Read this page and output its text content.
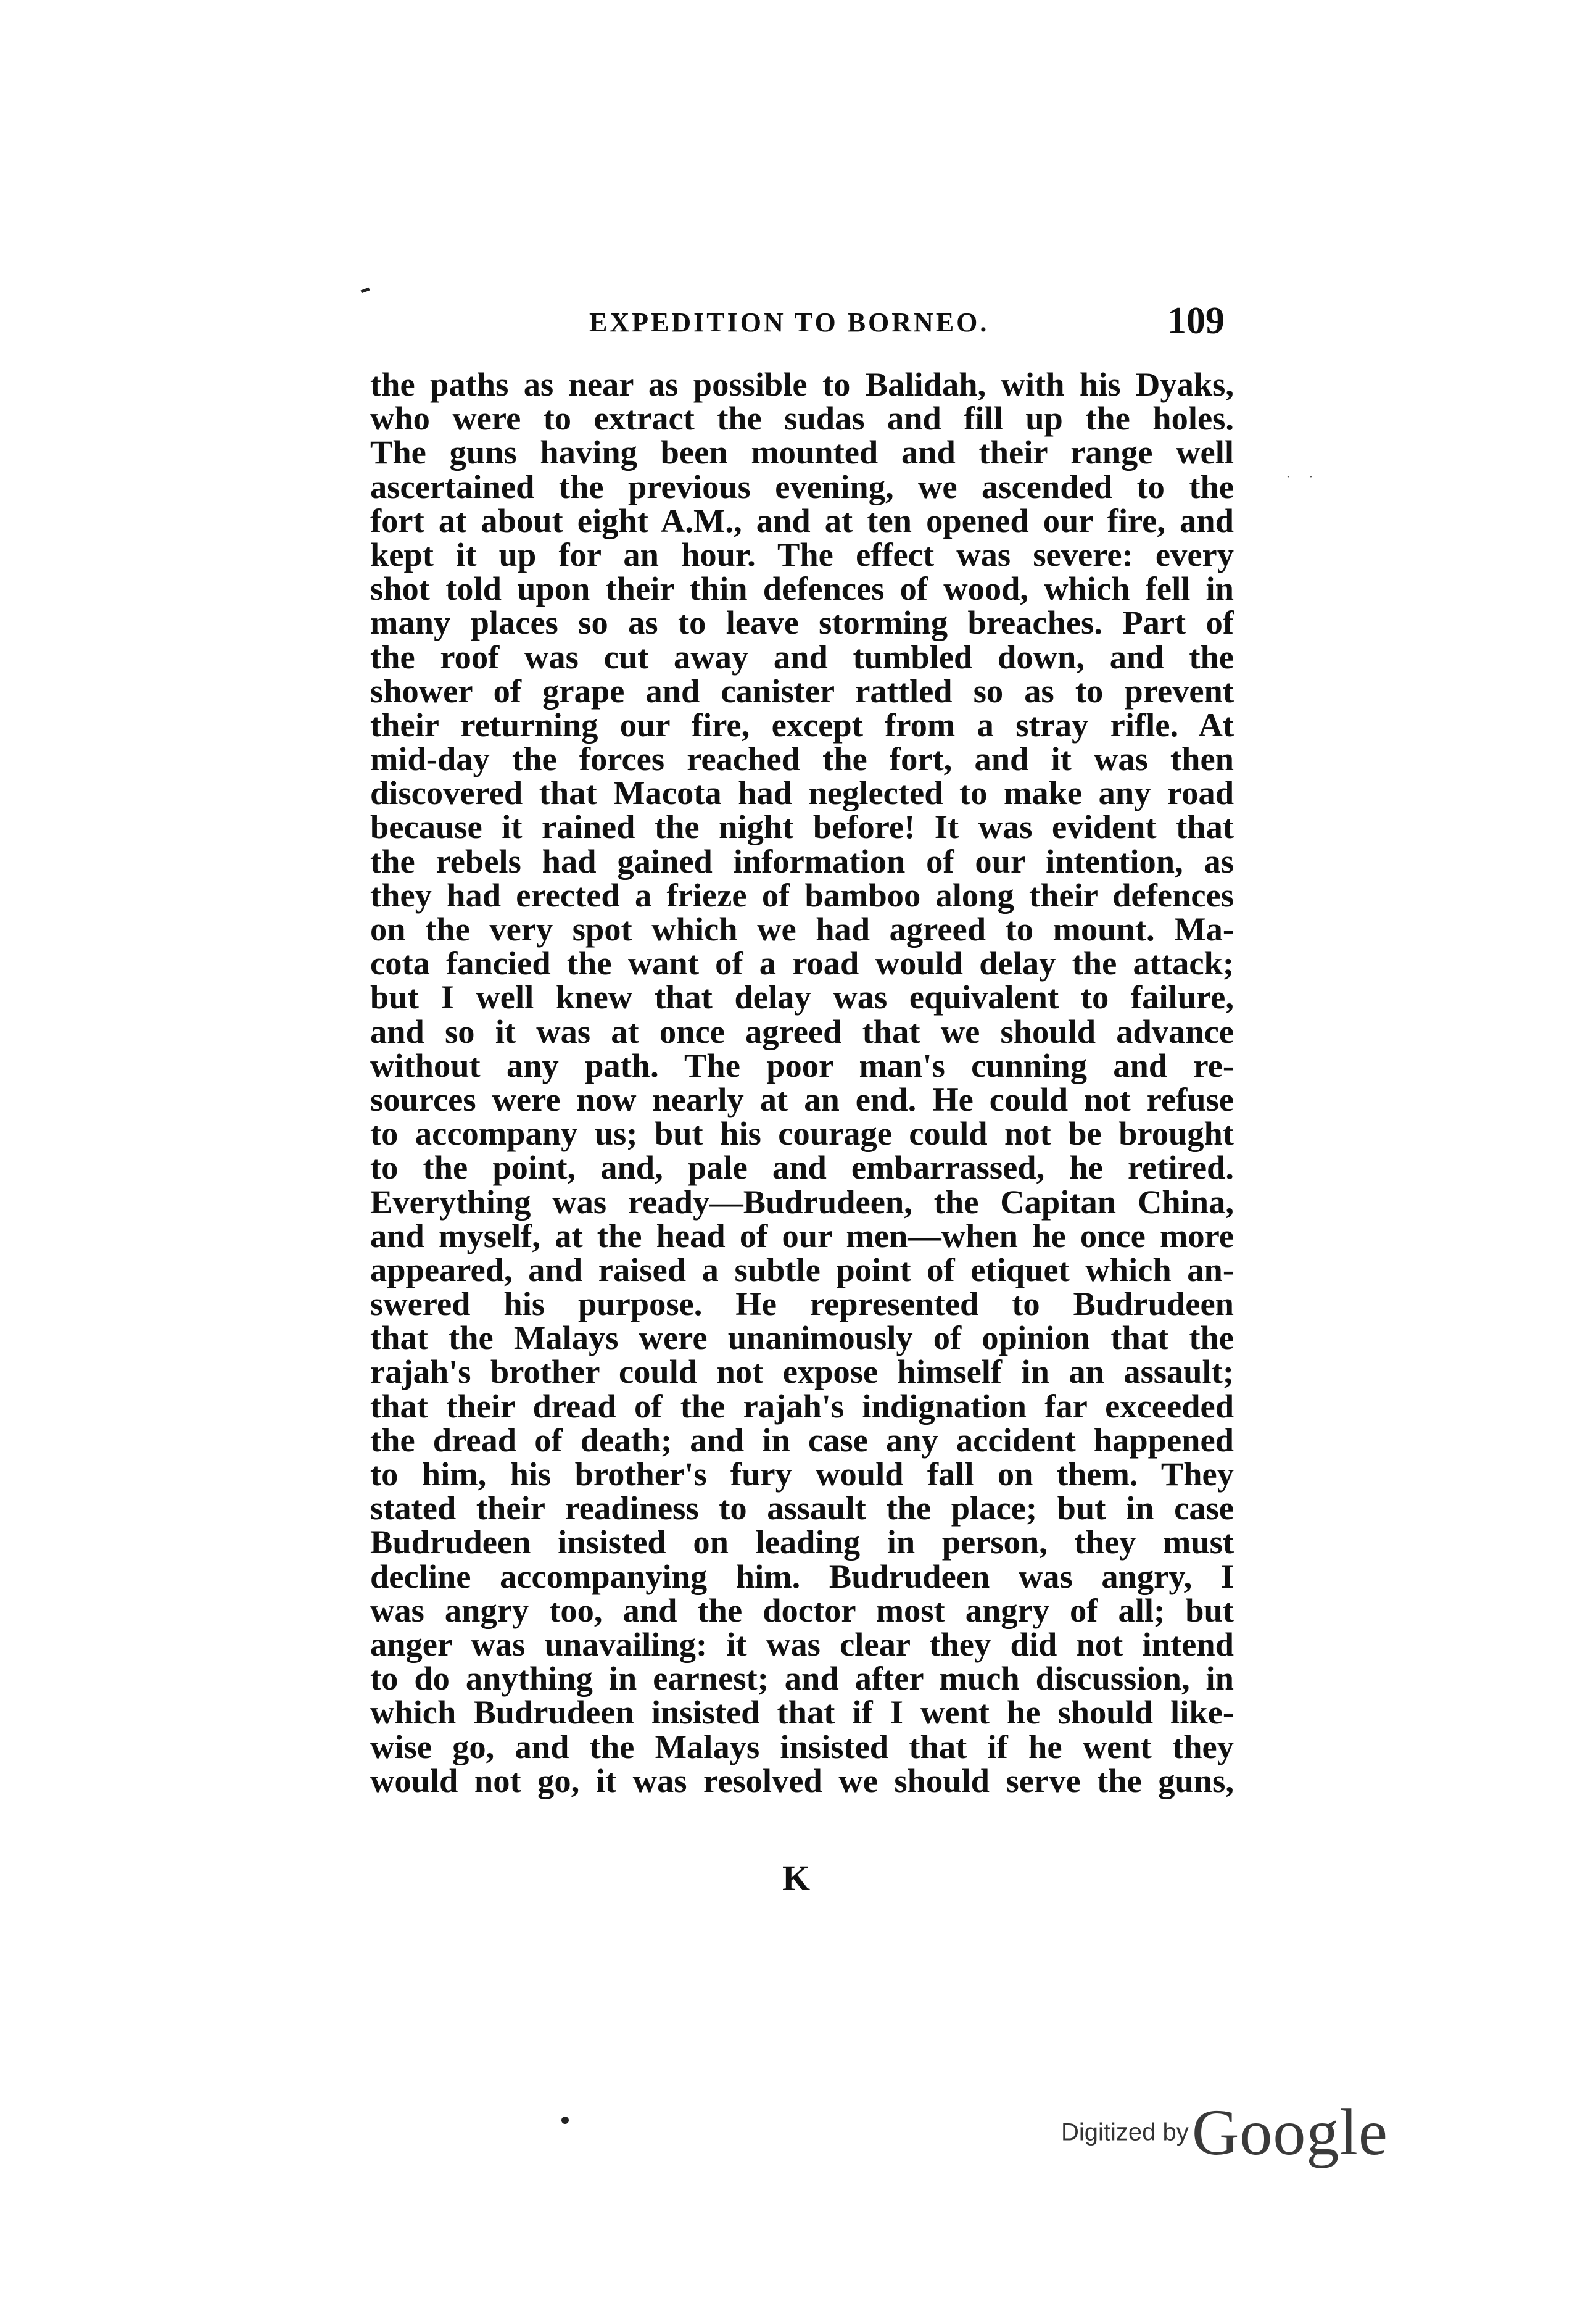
EXPEDITION TO BORNEO.	109
· ·
the paths as near as possible to Balidah, with his Dyaks,
who were to extract the sudas and fill up the holes.
The guns having been mounted and their range well
ascertained the previous evening, we ascended to the
fort at about eight A.M., and at ten opened our fire, and
kept it up for an hour. The effect was severe: every
shot told upon their thin defences of wood, which fell in
many places so as to leave storming breaches. Part of
the roof was cut away and tumbled down, and the
shower of grape and canister rattled so as to prevent
their returning our fire, except from a stray rifle. At
mid-day the forces reached the fort, and it was then
discovered that Macota had neglected to make any road
because it rained the night before! It was evident that
the rebels had gained information of our intention, as
they had erected a frieze of bamboo along their defences
on the very spot which we had agreed to mount. Ma-
cota fancied the want of a road would delay the attack;
but I well knew that delay was equivalent to failure,
and so it was at once agreed that we should advance
without any path. The poor man's cunning and re-
sources were now nearly at an end. He could not refuse
to accompany us; but his courage could not be brought
to the point, and, pale and embarrassed, he retired.
Everything was ready—Budrudeen, the Capitan China,
and myself, at the head of our men—when he once more
appeared, and raised a subtle point of etiquet which an-
swered his purpose. He represented to Budrudeen
that the Malays were unanimously of opinion that the
rajah's brother could not expose himself in an assault;
that their dread of the rajah's indignation far exceeded
the dread of death; and in case any accident happened
to him, his brother's fury would fall on them. They
stated their readiness to assault the place; but in case
Budrudeen insisted on leading in person, they must
decline accompanying him. Budrudeen was angry, I
was angry too, and the doctor most angry of all; but
anger was unavailing: it was clear they did not intend
to do anything in earnest; and after much discussion, in
which Budrudeen insisted that if I went he should like-
wise go, and the Malays insisted that if he went they
would not go, it was resolved we should serve the guns,
K
Digitized by Google
